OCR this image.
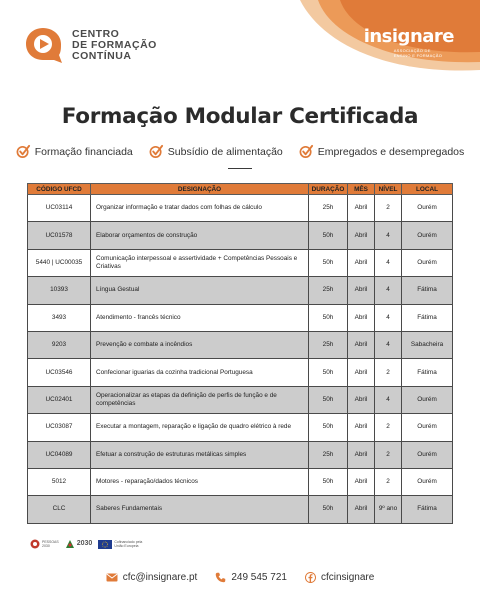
CENTRO
DE FORMAÇÃO
CONTÍNUA
insignare
ASSOCIAÇÃO DE
ENSINO E FORMAÇÃO
Formação Modular Certificada
Formação financiada	Subsídio de alimentação	Empregados e desempregados
CÓDIGO UFCD	DESIGNAÇÃO	DURAÇÃO	MÊS	NÍVEL	LOCAL
UC03114	Organizar informação e tratar dados com folhas de cálculo	25h	Abril	2	Ourém
UC01578	Elaborar orçamentos de construção	50h	Abril	4	Ourém
5440 | UC00035	Comunicação interpessoal e assertividade + Competências Pessoais e Criativas	50h	Abril	4	Ourém
10393	Língua Gestual	25h	Abril	4	Fátima
3493	Atendimento - francês técnico	50h	Abril	4	Fátima
9203	Prevenção e combate a incêndios	25h	Abril	4	Sabacheira
UC03546	Confecionar iguarias da cozinha tradicional Portuguesa	50h	Abril	2	Fátima
UC02401	Operacionalizar as etapas da definição de perfis de função e de competências	50h	Abril	4	Ourém
UC03087	Executar a montagem, reparação e ligação de quadro elétrico à rede	50h	Abril	2	Ourém
UC04089	Efetuar a construção de estruturas metálicas simples	25h	Abril	2	Ourém
5012	Motores - reparação/dados técnicos	50h	Abril	2	Ourém
CLC	Saberes Fundamentais	50h	Abril	9º ano	Fátima
PESSOAS
2030	2030	Cofinanciado pela
União Europeia
cfc@insignare.pt	249 545 721	cfcinsignare
